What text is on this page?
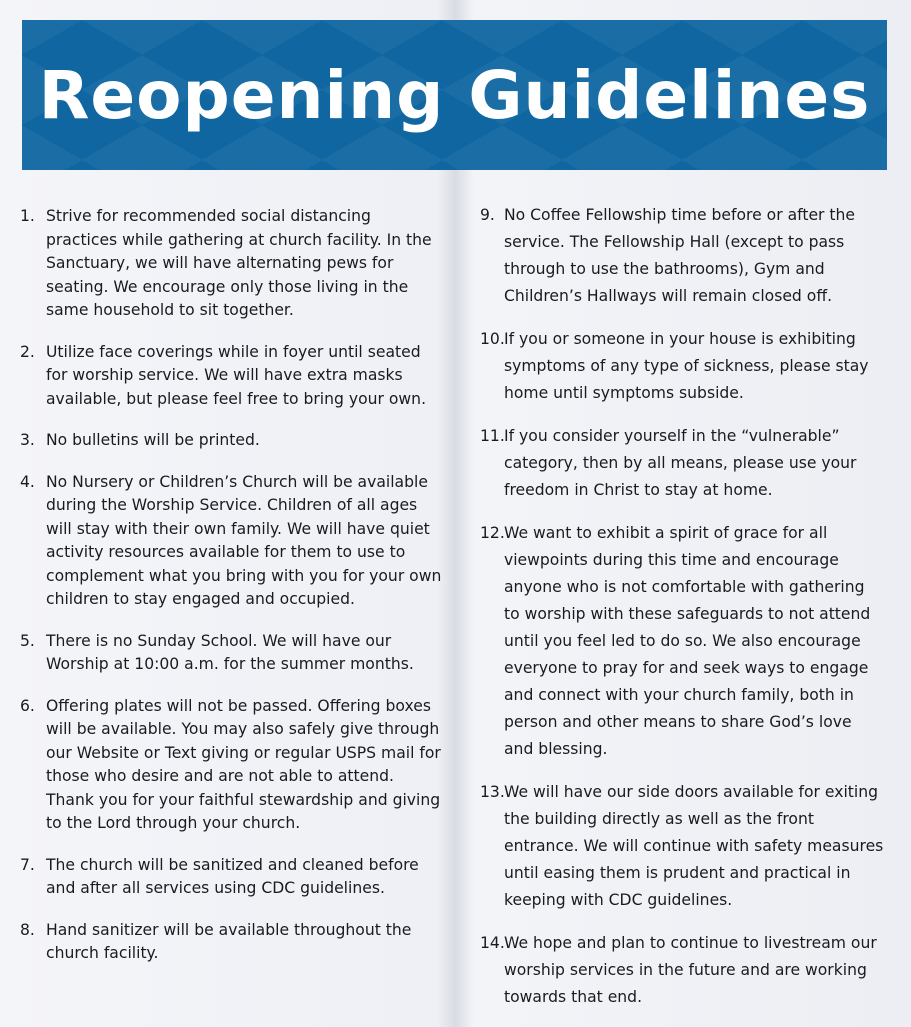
Reopening Guidelines
1. Strive for recommended social distancing practices while gathering at church facility. In the Sanctuary, we will have alternating pews for seating. We encourage only those living in the same household to sit together.
2. Utilize face coverings while in foyer until seated for worship service. We will have extra masks available, but please feel free to bring your own.
3. No bulletins will be printed.
4. No Nursery or Children’s Church will be available during the Worship Service. Children of all ages will stay with their own family. We will have quiet activity resources available for them to use to complement what you bring with you for your own children to stay engaged and occupied.
5. There is no Sunday School. We will have our Worship at 10:00 a.m. for the summer months.
6. Offering plates will not be passed. Offering boxes will be available. You may also safely give through our Website or Text giving or regular USPS mail for those who desire and are not able to attend. Thank you for your faithful stewardship and giving to the Lord through your church.
7. The church will be sanitized and cleaned before and after all services using CDC guidelines.
8. Hand sanitizer will be available throughout the church facility.
9. No Coffee Fellowship time before or after the service. The Fellowship Hall (except to pass through to use the bathrooms), Gym and Children’s Hallways will remain closed off.
10. If you or someone in your house is exhibiting symptoms of any type of sickness, please stay home until symptoms subside.
11. If you consider yourself in the “vulnerable” category, then by all means, please use your freedom in Christ to stay at home.
12. We want to exhibit a spirit of grace for all viewpoints during this time and encourage anyone who is not comfortable with gathering to worship with these safeguards to not attend until you feel led to do so. We also encourage everyone to pray for and seek ways to engage and connect with your church family, both in person and other means to share God’s love and blessing.
13. We will have our side doors available for exiting the building directly as well as the front entrance. We will continue with safety measures until easing them is prudent and practical in keeping with CDC guidelines.
14. We hope and plan to continue to livestream our worship services in the future and are working towards that end.
